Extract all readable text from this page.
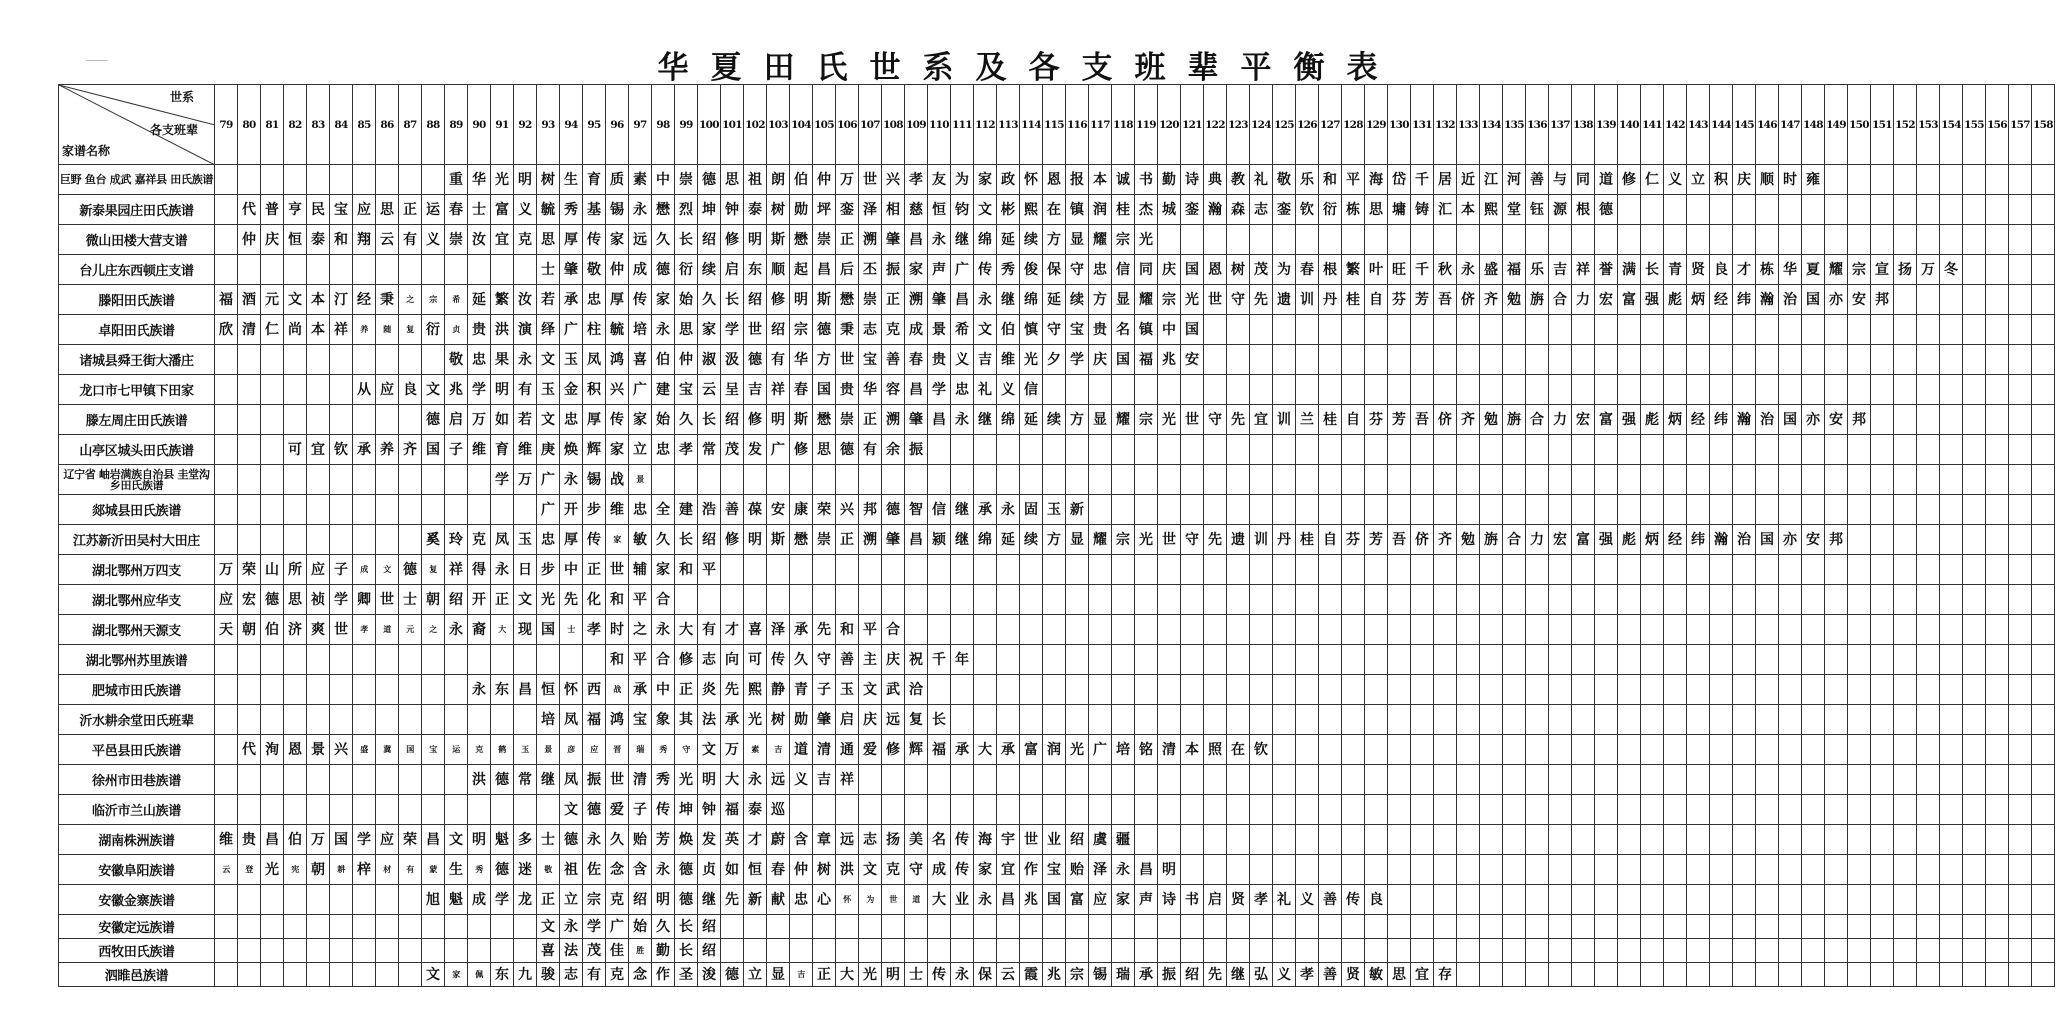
华夏田氏世系及各支班辈平衡表
世系
各支班辈
家谱名称	79	80	81	82	83	84	85	86	87	88	89	90	91	92	93	94	95	96	97	98	99	100	101	102	103	104	105	106	107	108	109	110	111	112	113	114	115	116	117	118	119	120	121	122	123	124	125	126	127	128	129	130	131	132	133	134	135	136	137	138	139	140	141	142	143	144	145	146	147	148	149	150	151	152	153	154	155	156	157	158
巨野 鱼台 成武 嘉祥县 田氏族谱											重	华	光	明	树	生	育	质	素	中	崇	德	思	祖	朗	伯	仲	万	世	兴	孝	友	为	家	政	怀	恩	报	本	诚	书	勤	诗	典	教	礼	敬	乐	和	平	海	岱	千	居	近	江	河	善	与	同	道	修	仁	义	立	积	庆	顺	时	雍										
新泰果园庄田氏族谱		代	普	亨	民	宝	应	思	正	运	春	士	富	义	毓	秀	基	锡	永	懋	烈	坤	钟	泰	树	勋	坪	銮	泽	相	慈	恒	钧	文	彬	熙	在	镇	润	桂	杰	城	銮	瀚	森	志	銮	钦	衍	栋	思	墉	铸	汇	本	熙	堂	钰	源	根	德																			
微山田楼大营支谱		仲	庆	恒	泰	和	翔	云	有	义	崇	汝	宜	克	思	厚	传	家	远	久	长	绍	修	明	斯	懋	崇	正	溯	肇	昌	永	继	绵	延	续	方	显	耀	宗	光																																							
台儿庄东西顿庄支谱															士	肇	敬	仲	成	德	衍	续	启	东	顺	起	昌	后	丕	振	家	声	广	传	秀	俊	保	守	忠	信	同	庆	国	恩	树	茂	为	春	根	繁	叶	旺	千	秋	永	盛	福	乐	吉	祥	誉	满	长	青	贤	良	才	栋	华	夏	耀	宗	宣	扬	万	冬				
滕阳田氏族谱	福	酒	元	文	本	汀	经	秉	之	宗	希	延	繁	汝	若	承	忠	厚	传	家	始	久	长	绍	修	明	斯	懋	崇	正	溯	肇	昌	永	继	绵	延	续	方	显	耀	宗	光	世	守	先	遗	训	丹	桂	自	芬	芳	吾	侪	齐	勉	旃	合	力	宏	富	强	彪	炳	经	纬	瀚	治	国	亦	安	邦							
卓阳田氏族谱	欣	清	仁	尚	本	祥	养	随	复	衍	贞	贵	洪	演	绎	广	柱	毓	培	永	思	家	学	世	绍	宗	德	秉	志	克	成	景	希	文	伯	慎	守	宝	贵	名	镇	中	国																																					
诸城县舜王街大潘庄											敬	忠	果	永	文	玉	凤	鸿	喜	伯	仲	淑	汲	德	有	华	方	世	宝	善	春	贵	义	吉	维	光	夕	学	庆	国	福	兆	安																																					
龙口市七甲镇下田家							从	应	良	文	兆	学	明	有	玉	金	积	兴	广	建	宝	云	呈	吉	祥	春	国	贵	华	容	昌	学	忠	礼	义	信																																												
滕左周庄田氏族谱										德	启	万	如	若	文	忠	厚	传	家	始	久	长	绍	修	明	斯	懋	崇	正	溯	肇	昌	永	继	绵	延	续	方	显	耀	宗	光	世	守	先	宜	训	兰	桂	自	芬	芳	吾	侪	齐	勉	旃	合	力	宏	富	强	彪	炳	经	纬	瀚	治	国	亦	安	邦								
山亭区城头田氏族谱				可	宜	钦	承	养	齐	国	子	维	育	维	庚	焕	辉	家	立	忠	孝	常	茂	发	广	修	思	德	有	余	振																																																	
辽宁省 岫岩满族自治县 圭堂沟乡田氏族谱													学	万	广	永	锡	战	景																																																													
郯城县田氏族谱															广	开	步	维	忠	全	建	浩	善	葆	安	康	荣	兴	邦	德	智	信	继	承	永	固	玉	新																																										
江苏新沂田吴村大田庄										奚	玲	克	凤	玉	忠	厚	传	家	敏	久	长	绍	修	明	斯	懋	崇	正	溯	肇	昌	颍	继	绵	延	续	方	显	耀	宗	光	世	守	先	遗	训	丹	桂	自	芬	芳	吾	侪	齐	勉	旃	合	力	宏	富	强	彪	炳	经	纬	瀚	治	国	亦	安	邦									
湖北鄂州万四支	万	荣	山	所	应	子	成	文	德	复	祥	得	永	日	步	中	正	世	辅	家	和	平																																																										
湖北鄂州应华支	应	宏	德	思	祯	学	卿	世	士	朝	绍	开	正	文	光	先	化	和	平	合																																																												
湖北鄂州天源支	天	朝	伯	济	爽	世	孝	道	元	之	永	裔	大	现	国	士	孝	时	之	永	大	有	才	喜	泽	承	先	和	平	合																																																		
湖北鄂州苏里族谱																		和	平	合	修	志	向	可	传	久	守	善	主	庆	祝	千	年																																															
肥城市田氏族谱												永	东	昌	恒	怀	西	战	承	中	正	炎	先	熙	静	青	子	玉	文	武	洽																																																	
沂水耕余堂田氏班辈															培	凤	福	鸿	宝	象	其	法	承	光	树	勋	肇	启	庆	远	复	长																																																
平邑县田氏族谱		代	洵	恩	景	兴	盛	冀	国	宝	运	克	鹤	玉	景	彦	应	晋	瑞	秀	守	文	万	素	吉	道	清	通	爱	修	辉	福	承	大	承	富	润	光	广	培	铭	清	本	照	在	钦																																		
徐州市田巷族谱												洪	德	常	继	凤	振	世	清	秀	光	明	大	永	远	义	吉	祥																																																				
临沂市兰山族谱																文	德	爱	子	传	坤	钟	福	泰	巡																																																							
湖南株洲族谱	维	贵	昌	伯	万	国	学	应	荣	昌	文	明	魁	多	士	德	永	久	贻	芳	焕	发	英	才	蔚	含	章	远	志	扬	美	名	传	海	宇	世	业	绍	虞	疆																																								
安徽阜阳族谱	云	登	光	宪	朝	耕	梓	材	有	蒙	生	秀	德	迷	敬	祖	佐	念	含	永	德	贞	如	恒	春	仲	树	洪	文	克	守	成	传	家	宜	作	宝	贻	泽	永	昌	明																																						
安徽金寨族谱										旭	魁	成	学	龙	正	立	宗	克	绍	明	德	继	先	新	献	忠	心	怀	为	世	道	大	业	永	昌	兆	国	富	应	家	声	诗	书	启	贤	孝	礼	义	善	传	良																													
安徽定远族谱															文	永	学	广	始	久	长	绍																																																										
西牧田氏族谱															喜	法	茂	佳	胜	勤	长	绍																																																										
泗睢邑族谱										文	家	佩	东	九	骏	志	有	克	念	作	圣	浚	德	立	显	吉	正	大	光	明	士	传	永	保	云	霞	兆	宗	锡	瑞	承	振	绍	先	继	弘	义	孝	善	贤	敏	思	宜	存																										
